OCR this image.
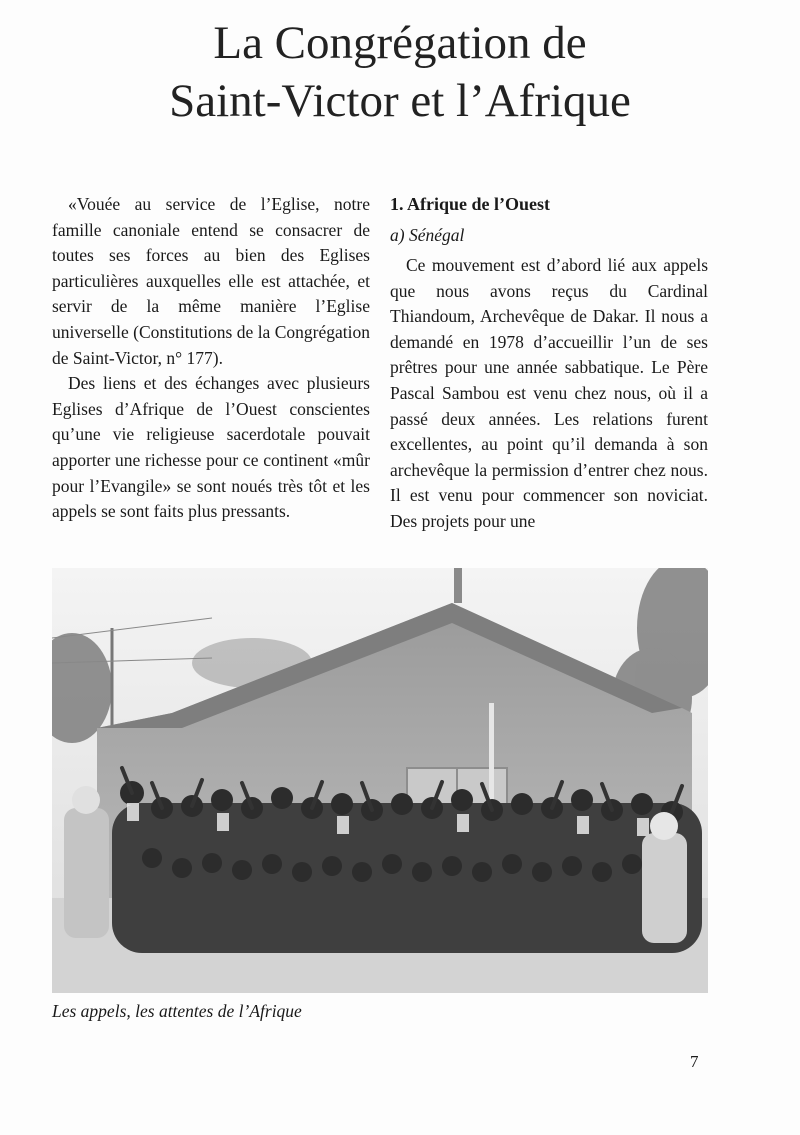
La Congrégation de
Saint-Victor et l’Afrique

«Vouée au service de l’Eglise, notre famille canoniale entend se consacrer de toutes ses forces au bien des Eglises particulières auxquelles elle est attachée, et servir de la même manière l’Eglise universelle (Constitutions de la Congrégation de Saint-Victor, n° 177).

Des liens et des échanges avec plusieurs Eglises d’Afrique de l’Ouest conscientes qu’une vie religieuse sacerdotale pouvait apporter une richesse pour ce continent «mûr pour l’Evangile» se sont noués très tôt et les appels se sont faits plus pressants.

1. Afrique de l’Ouest
a) Sénégal

Ce mouvement est d’abord lié aux appels que nous avons reçus du Cardinal Thiandoum, Archevêque de Dakar. Il nous a demandé en 1978 d’accueillir l’un de ses prêtres pour une année sabbatique. Le Père Pascal Sambou est venu chez nous, où il a passé deux années. Les relations furent excellentes, au point qu’il demanda à son archevêque la permission d’entrer chez nous. Il est venu pour commencer son noviciat. Des projets pour une

Les appels, les attentes de l’Afrique

7
